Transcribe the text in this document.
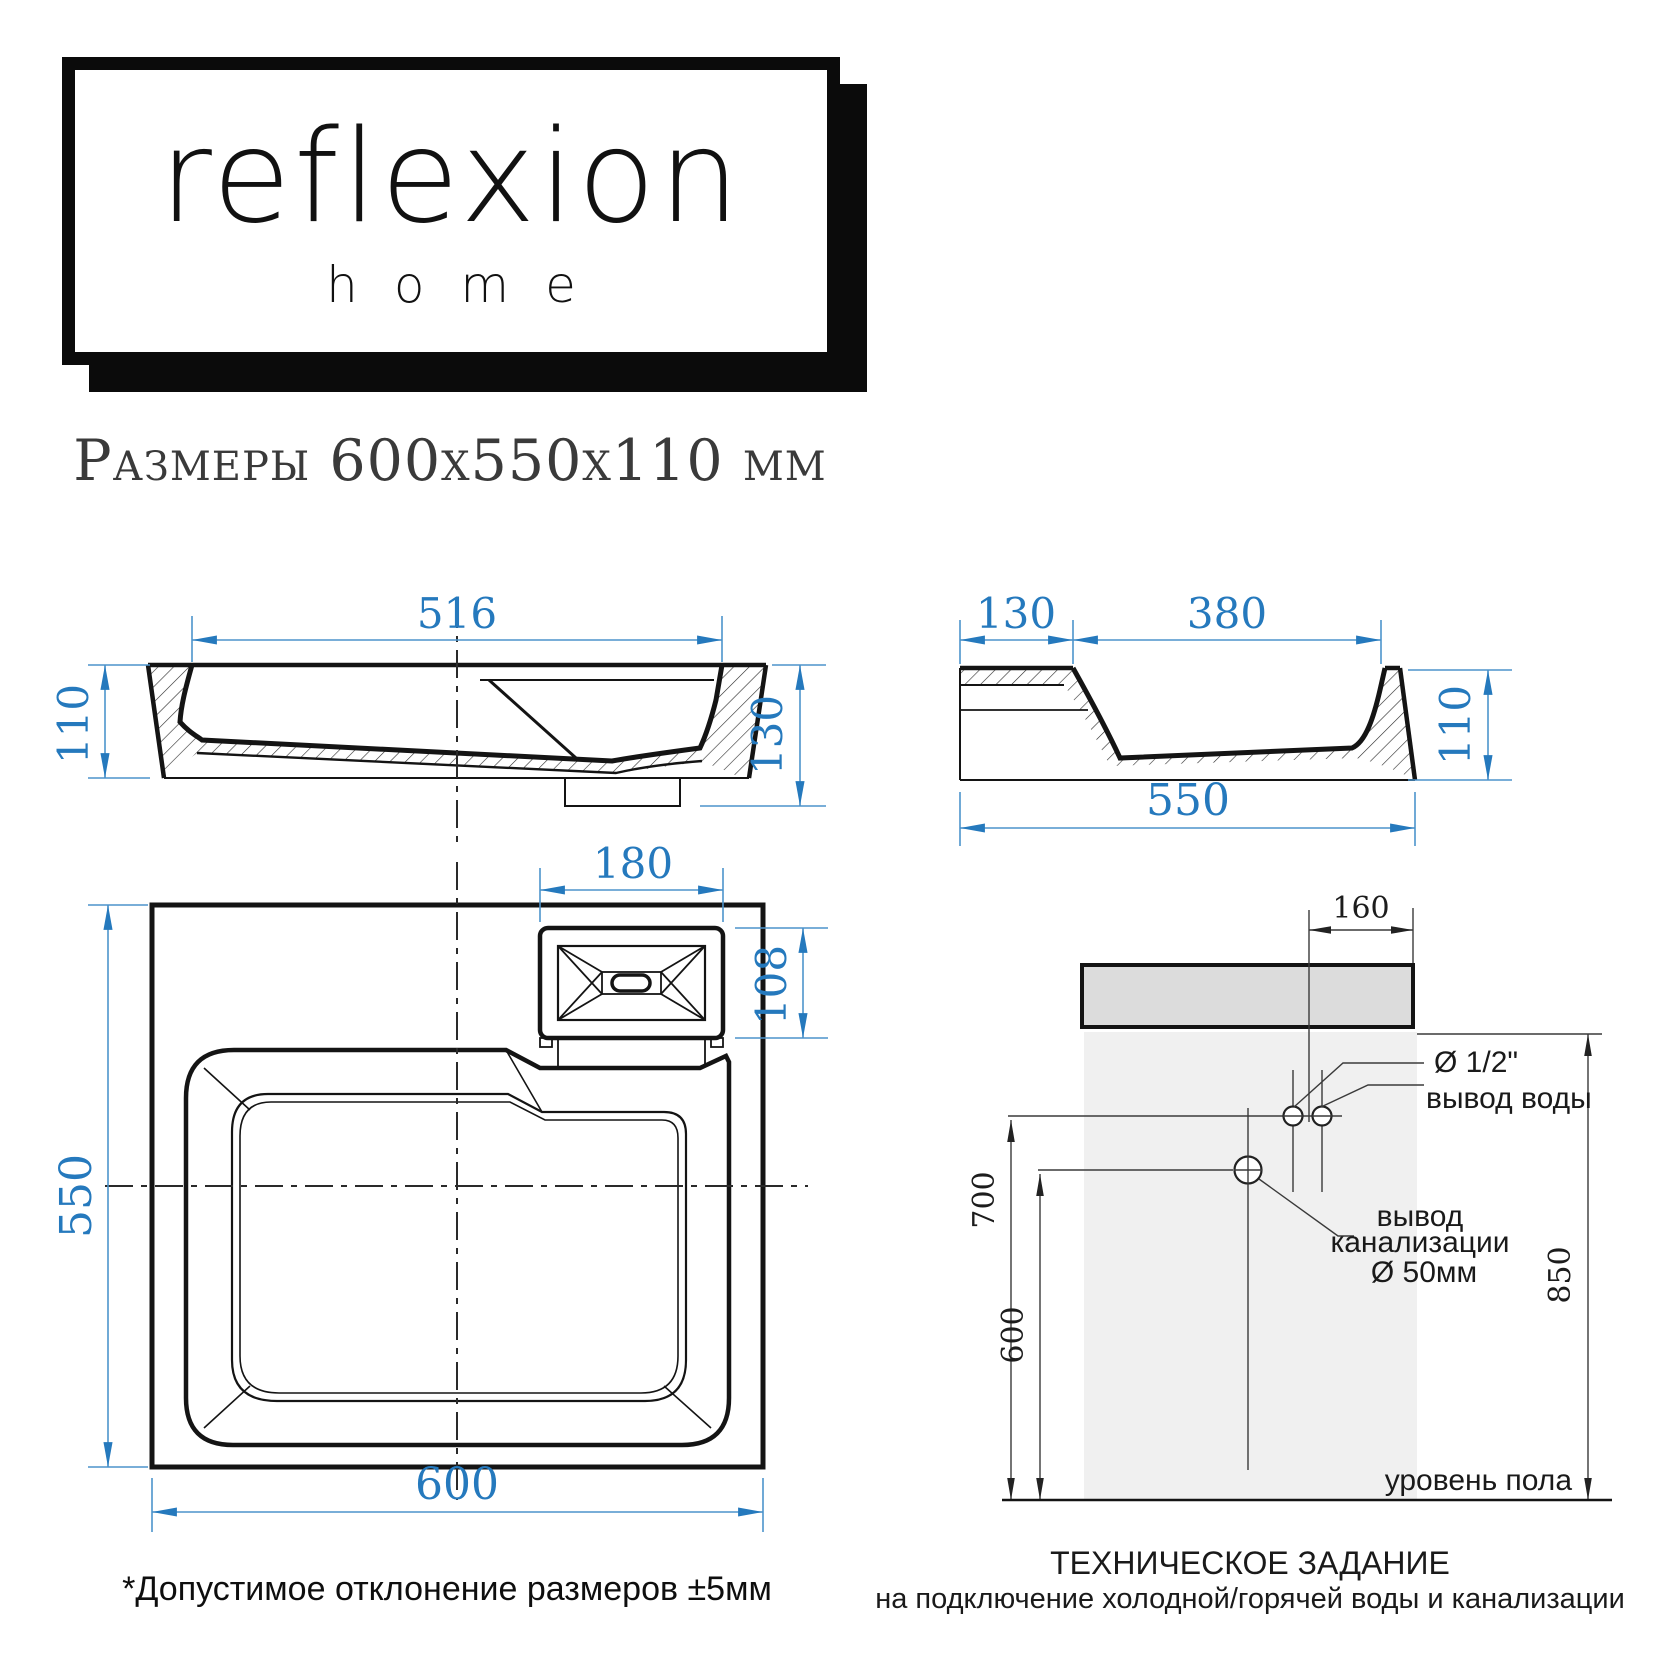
reflexion
home
Размеры 600х550х110 мм
516
110	130
130	380
110
550
550
600
180
108
160
850
700
600
Ø 1/2"
вывод воды
вывод
канализации
Ø 50мм
уровень пола
ТЕХНИЧЕСКОЕ ЗАДАНИЕ
на подключение холодной/горячей воды и канализации
*Допустимое отклонение размеров ±5мм
